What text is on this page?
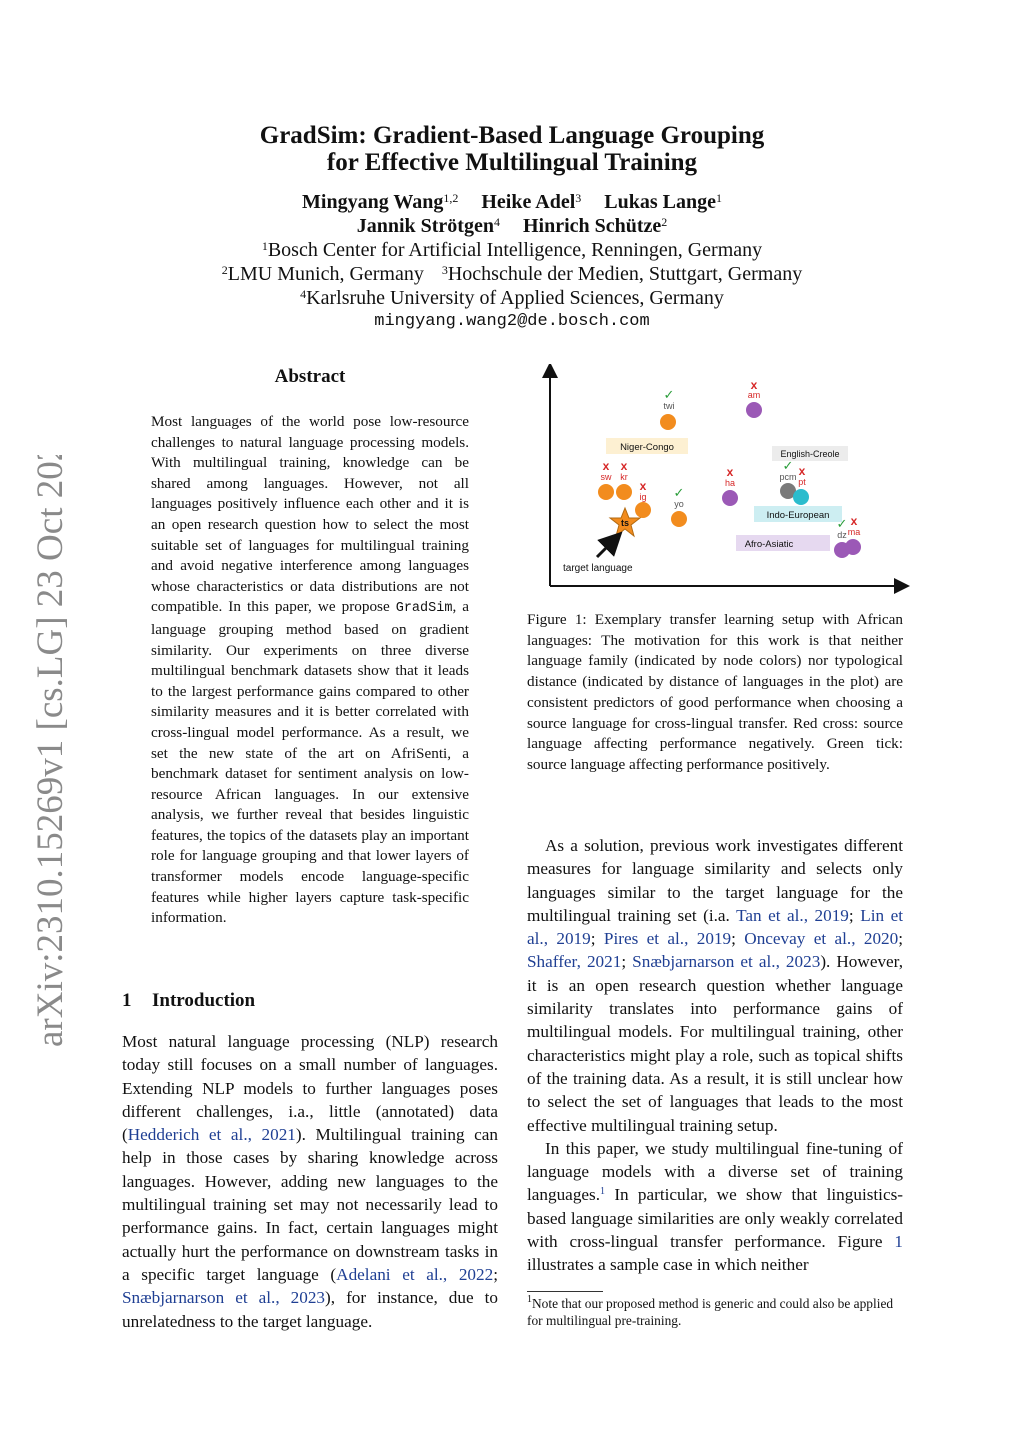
arXiv:2310.15269v1 [cs.LG] 23 Oct 2023
GradSim: Gradient-Based Language Grouping
for Effective Multilingual Training
Mingyang Wang$^{1,2}$ Heike Adel$^3$ Lukas Lange$^1$
Jannik Strötgen$^4$ Hinrich Schütze$^2$
$^1$Bosch Center for Artificial Intelligence, Renningen, Germany
$^2$LMU Munich, Germany $^3$Hochschule der Medien, Stuttgart, Germany
$^4$Karlsruhe University of Applied Sciences, Germany
mingyang.wang2@de.bosch.com
Abstract
Most languages of the world pose low-resource challenges to natural language processing models. With multilingual training, knowledge can be shared among languages. However, not all languages positively influence each other and it is an open research question how to select the most suitable set of languages for multilingual training and avoid negative interference among languages whose characteristics or data distributions are not compatible. In this paper, we propose GradSim, a language grouping method based on gradient similarity. Our experiments on three diverse multilingual benchmark datasets show that it leads to the largest performance gains compared to other similarity measures and it is better correlated with cross-lingual model performance. As a result, we set the new state of the art on AfriSenti, a benchmark dataset for sentiment analysis on low-resource African languages. In our extensive analysis, we further reveal that besides linguistic features, the topics of the datasets play an important role for language grouping and that lower layers of transformer models encode language-specific features while higher layers capture task-specific information.
1 Introduction

Most natural language processing (NLP) research today still focuses on a small number of languages. Extending NLP models to further languages poses different challenges, i.a., little (annotated) data (Hedderich et al., 2021). Multilingual training can help in those cases by sharing knowledge across languages. However, adding new languages to the multilingual training set may not necessarily lead to performance gains. In fact, certain languages might actually hurt the performance on downstream tasks in a specific target language (Adelani et al., 2022; Snæbjarnarson et al., 2023), for instance, due to unrelatedness to the target language.

Niger-Congo
English-Creole
Indo-European
Afro-Asiatic
twi
am
sw kr
ig
yo
ha
pcm pt
dz ma
ts
✓
x
x x
x ✓
x	✓ x
✓ x
target language
Figure 1: Exemplary transfer learning setup with African languages: The motivation for this work is that neither language family (indicated by node colors) nor typological distance (indicated by distance of languages in the plot) are consistent predictors of good performance when choosing a source language for cross-lingual transfer. Red cross: source language affecting performance negatively. Green tick: source language affecting performance positively.

As a solution, previous work investigates different measures for language similarity and selects only languages similar to the target language for the multilingual training set (i.a. Tan et al., 2019; Lin et al., 2019; Pires et al., 2019; Oncevay et al., 2020; Shaffer, 2021; Snæbjarnarson et al., 2023). However, it is an open research question whether language similarity translates into performance gains of multilingual models. For multilingual training, other characteristics might play a role, such as topical shifts of the training data. As a result, it is still unclear how to select the set of languages that leads to the most effective multilingual training setup.

In this paper, we study multilingual fine-tuning of language models with a diverse set of training languages.$^1$ In particular, we show that linguistics-based language similarities are only weakly correlated with cross-lingual transfer performance. Figure 1 illustrates a sample case in which neither

$^1$Note that our proposed method is generic and could also be applied for multilingual pre-training.
